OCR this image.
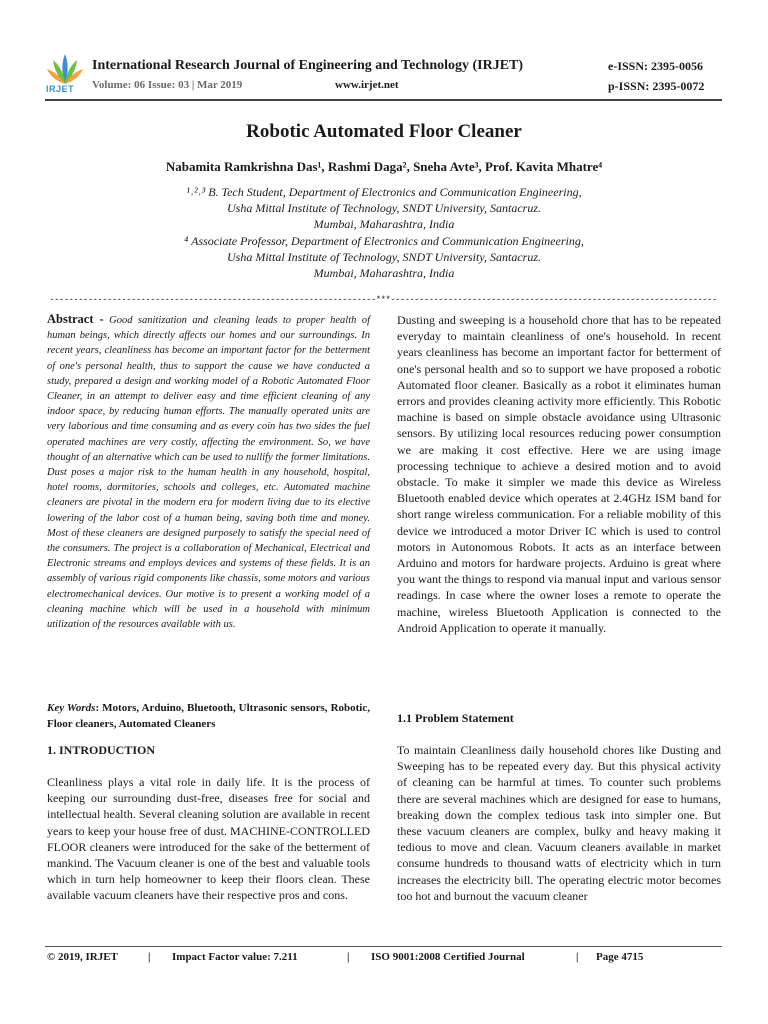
IRJET
International Research Journal of Engineering and Technology (IRJET)
Volume: 06 Issue: 03 | Mar 2019	www.irjet.net
e-ISSN: 2395-0056
p-ISSN: 2395-0072
Robotic Automated Floor Cleaner
Nabamita Ramkrishna Das¹, Rashmi Daga², Sneha Avte³, Prof. Kavita Mhatre⁴
¹˒²˒³ B. Tech Student, Department of Electronics and Communication Engineering,
Usha Mittal Institute of Technology, SNDT University, Santacruz.
Mumbai, Maharashtra, India
⁴ Associate Professor, Department of Electronics and Communication Engineering,
Usha Mittal Institute of Technology, SNDT University, Santacruz.
Mumbai, Maharashtra, India
--------------------------------------------------------------------***--------------------------------------------------------------------

Abstract - Good sanitization and cleaning leads to proper health of human beings, which directly affects our homes and our surroundings. In recent years, cleanliness has become an important factor for the betterment of one's personal health, thus to support the cause we have conducted a study, prepared a design and working model of a Robotic Automated Floor Cleaner, in an attempt to deliver easy and time efficient cleaning of any indoor space, by reducing human efforts. The manually operated units are very laborious and time consuming and as every coin has two sides the fuel operated machines are very costly, affecting the environment. So, we have thought of an alternative which can be used to nullify the former limitations. Dust poses a major risk to the human health in any household, hospital, hotel rooms, dormitories, schools and colleges, etc. Automated machine cleaners are pivotal in the modern era for modern living due to its elective lowering of the labor cost of a human being, saving both time and money. Most of these cleaners are designed purposely to satisfy the special need of the consumers. The project is a collaboration of Mechanical, Electrical and Electronic streams and employs devices and systems of these fields. It is an assembly of various rigid components like chassis, some motors and various electromechanical devices. Our motive is to present a working model of a cleaning machine which will be used in a household with minimum utilization of the resources available with us.

Key Words: Motors, Arduino, Bluetooth, Ultrasonic sensors, Robotic, Floor cleaners, Automated Cleaners

1. INTRODUCTION

Cleanliness plays a vital role in daily life. It is the process of keeping our surrounding dust-free, diseases free for social and intellectual health. Several cleaning solution are available in recent years to keep your house free of dust. MACHINE-CONTROLLED FLOOR cleaners were introduced for the sake of the betterment of mankind. The Vacuum cleaner is one of the best and valuable tools which in turn help homeowner to keep their floors clean. These available vacuum cleaners have their respective pros and cons.

Dusting and sweeping is a household chore that has to be repeated everyday to maintain cleanliness of one's household. In recent years cleanliness has become an important factor for betterment of one's personal health and so to support we have proposed a robotic Automated floor cleaner. Basically as a robot it eliminates human errors and provides cleaning activity more efficiently. This Robotic machine is based on simple obstacle avoidance using Ultrasonic sensors. By utilizing local resources reducing power consumption we are making it cost effective. Here we are using image processing technique to achieve a desired motion and to avoid obstacle. To make it simpler we made this device as Wireless Bluetooth enabled device which operates at 2.4GHz ISM band for short range wireless communication. For a reliable mobility of this device we introduced a motor Driver IC which is used to control motors in Autonomous Robots. It acts as an interface between Arduino and motors for hardware projects. Arduino is great where you want the things to respond via manual input and various sensor readings. In case where the owner loses a remote to operate the machine, wireless Bluetooth Application is connected to the Android Application to operate it manually.

1.1 Problem Statement

To maintain Cleanliness daily household chores like Dusting and Sweeping has to be repeated every day. But this physical activity of cleaning can be harmful at times. To counter such problems there are several machines which are designed for ease to humans, breaking down the complex tedious task into simpler one. But these vacuum cleaners are complex, bulky and heavy making it tedious to move and clean. Vacuum cleaners available in market consume hundreds to thousand watts of electricity which in turn increases the electricity bill. The operating electric motor becomes too hot and burnout the vacuum cleaner

© 2019, IRJET	| Impact Factor value: 7.211	| ISO 9001:2008 Certified Journal	| Page 4715
